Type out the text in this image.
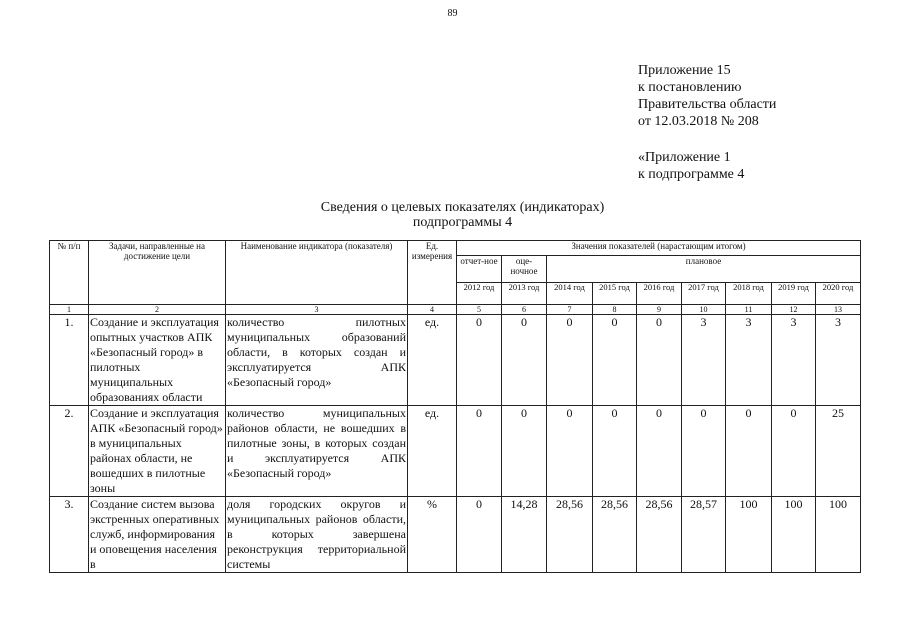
89
Приложение 15
к постановлению
Правительства области
от 12.03.2018 № 208
«Приложение 1
к подпрограмме 4
Сведения о целевых показателях (индикаторах)
подпрограммы 4
№ п/п	Задачи, направленные на достижение цели	Наименование индикатора (показателя)	Ед. измерения	Значения показателей (нарастающим итогом)								
				отчет-ное	оце-ночное	плановое						
				2012 год	2013 год	2014 год	2015 год	2016 год	2017 год	2018 год	2019 год	2020 год
1	2	3	4	5	6	7	8	9	10	11	12	13
1.	Создание и эксплуатация опытных участков АПК «Безопасный город» в пилотных муниципальных образованиях области	количество пилотных муниципальных образований области, в которых создан и эксплуатируется АПК «Безопасный город»	ед.	0	0	0	0	0	3	3	3	3
2.	Создание и эксплуатация АПК «Безопасный город» в муниципальных районах области, не вошедших в пилотные зоны	количество муниципальных районов области, не вошедших в пилотные зоны, в которых создан и эксплуатируется АПК «Безопасный город»	ед.	0	0	0	0	0	0	0	0	25
3.	Создание систем вызова экстренных оперативных служб, информирования и оповещения населения в	доля городских округов и муниципальных районов области, в которых завершена реконструкция территориальной системы	%	0	14,28	28,56	28,56	28,56	28,57	100	100	100
